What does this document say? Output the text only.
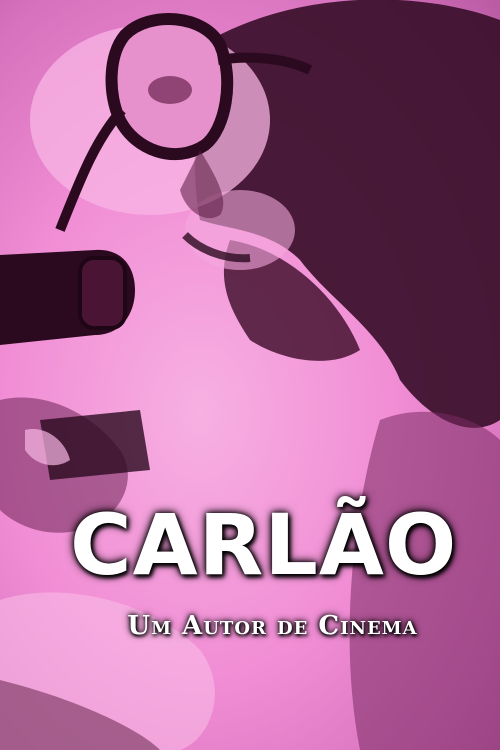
CARLÃO
Um Autor de Cinema
